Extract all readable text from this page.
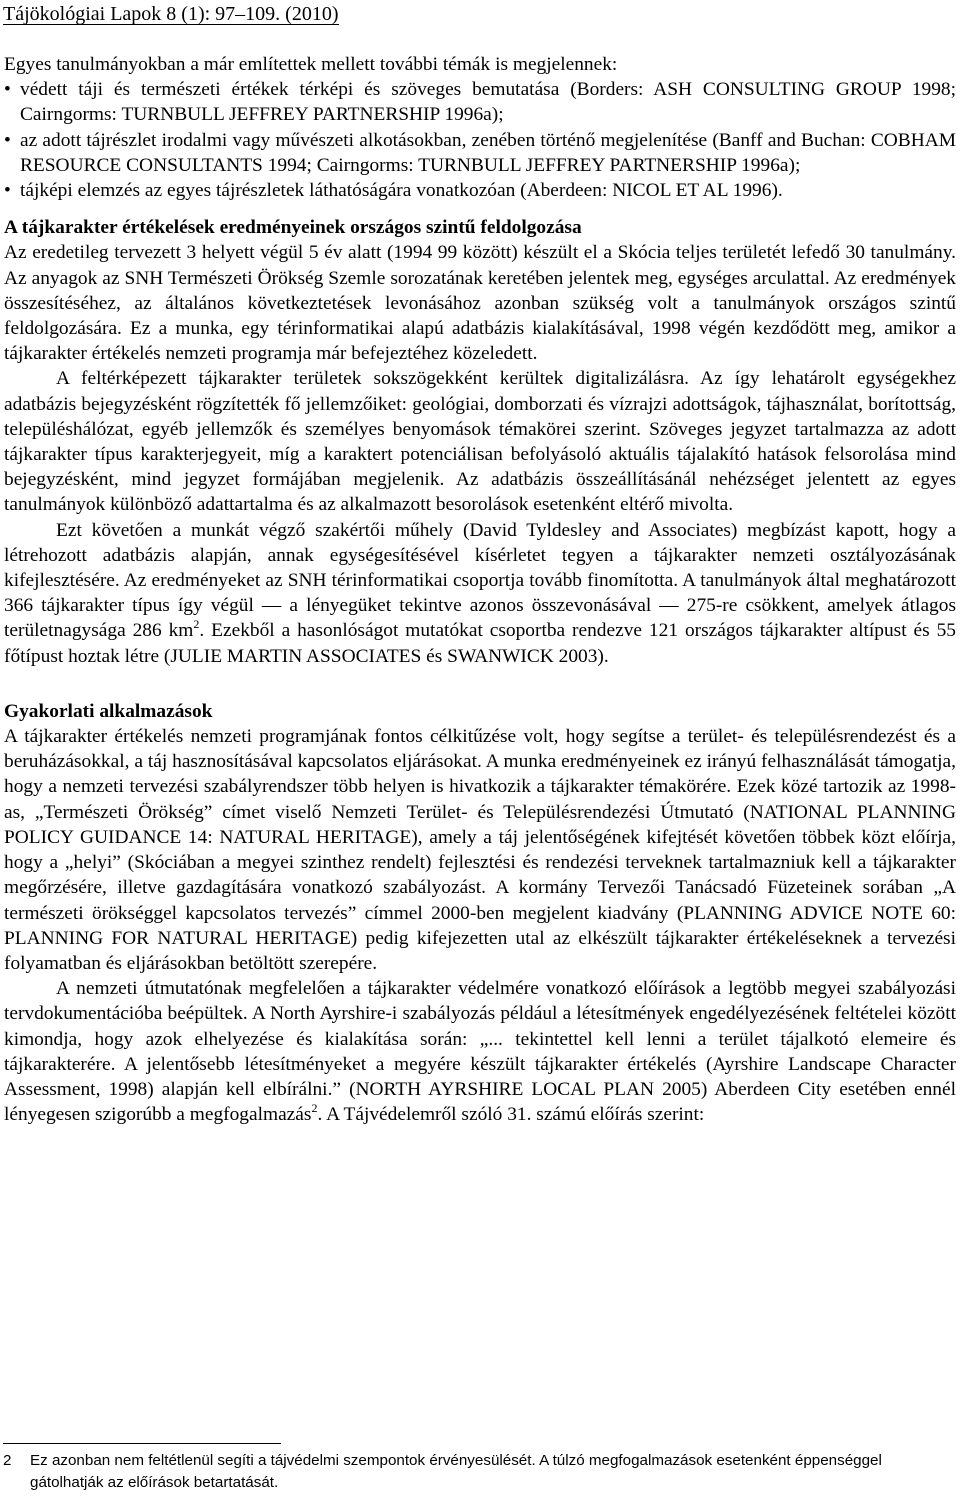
Tájökológiai Lapok 8 (1): 97–109. (2010)

Egyes tanulmányokban a már említettek mellett további témák is megjelennek:

• védett táji és természeti értékek térképi és szöveges bemutatása (Borders: ASH CONSULTING GROUP 1998; Cairngorms: TURNBULL JEFFREY PARTNERSHIP 1996a);
• az adott tájrészlet irodalmi vagy művészeti alkotásokban, zenében történő megjelenítése (Banff and Buchan: COBHAM RESOURCE CONSULTANTS 1994; Cairngorms: TURNBULL JEFFREY PARTNERSHIP 1996a);
• tájképi elemzés az egyes tájrészletek láthatóságára vonatkozóan (Aberdeen: NICOL ET AL 1996).
A tájkarakter értékelések eredményeinek országos szintű feldolgozása

Az eredetileg tervezett 3 helyett végül 5 év alatt (1994 99 között) készült el a Skócia teljes területét lefedő 30 tanulmány. Az anyagok az SNH Természeti Örökség Szemle sorozatának keretében jelentek meg, egységes arculattal. Az eredmények összesítéséhez, az általános következtetések levonásához azonban szükség volt a tanulmányok országos szintű feldolgozására. Ez a munka, egy térinformatikai alapú adatbázis kialakításával, 1998 végén kezdődött meg, amikor a tájkarakter értékelés nemzeti programja már befejeztéhez közeledett.

A feltérképezett tájkarakter területek sokszögekként kerültek digitalizálásra. Az így lehatárolt egységekhez adatbázis bejegyzésként rögzítették fő jellemzőiket: geológiai, domborzati és vízrajzi adottságok, tájhasználat, borítottság, településhálózat, egyéb jellemzők és személyes benyomások témakörei szerint. Szöveges jegyzet tartalmazza az adott tájkarakter típus karakterjegyeit, míg a karaktert potenciálisan befolyásoló aktuális tájalakító hatások felsorolása mind bejegyzésként, mind jegyzet formájában megjelenik. Az adatbázis összeállításánál nehézséget jelentett az egyes tanulmányok különböző adattartalma és az alkalmazott besorolások esetenként eltérő mivolta.

Ezt követően a munkát végző szakértői műhely (David Tyldesley and Associates) megbízást kapott, hogy a létrehozott adatbázis alapján, annak egységesítésével kísérletet tegyen a tájkarakter nemzeti osztályozásának kifejlesztésére. Az eredményeket az SNH térinformatikai csoportja tovább finomította. A tanulmányok által meghatározott 366 tájkarakter típus így végül — a lényegüket tekintve azonos összevonásával — 275-re csökkent, amelyek átlagos területnagysága 286 $km^2$. Ezekből a hasonlóságot mutatókat csoportba rendezve 121 országos tájkarakter altípust és 55 főtípust hoztak létre (JULIE MARTIN ASSOCIATES és SWANWICK 2003).

Gyakorlati alkalmazások

A tájkarakter értékelés nemzeti programjának fontos célkitűzése volt, hogy segítse a terület- és településrendezést és a beruházásokkal, a táj hasznosításával kapcsolatos eljárásokat. A munka eredményeinek ez irányú felhasználását támogatja, hogy a nemzeti tervezési szabályrendszer több helyen is hivatkozik a tájkarakter témakörére. Ezek közé tartozik az 1998-as, „Természeti Örökség” címet viselő Nemzeti Terület- és Településrendezési Útmutató (NATIONAL PLANNING POLICY GUIDANCE 14: NATURAL HERITAGE), amely a táj jelentőségének kifejtését követően többek közt előírja, hogy a „helyi” (Skóciában a megyei szinthez rendelt) fejlesztési és rendezési terveknek tartalmazniuk kell a tájkarakter megőrzésére, illetve gazdagítására vonatkozó szabályozást. A kormány Tervezői Tanácsadó Füzeteinek sorában „A természeti örökséggel kapcsolatos tervezés” címmel 2000-ben megjelent kiadvány (PLANNING ADVICE NOTE 60: PLANNING FOR NATURAL HERITAGE) pedig kifejezetten utal az elkészült tájkarakter értékeléseknek a tervezési folyamatban és eljárásokban betöltött szerepére.

A nemzeti útmutatónak megfelelően a tájkarakter védelmére vonatkozó előírások a legtöbb megyei szabályozási tervdokumentációba beépültek. A North Ayrshire-i szabályozás például a létesítmények engedélyezésének feltételei között kimondja, hogy azok elhelyezése és kialakítása során: „... tekintettel kell lenni a terület tájalkotó elemeire és tájkarakterére. A jelentősebb létesítményeket a megyére készült tájkarakter értékelés (Ayrshire Landscape Character Assessment, 1998) alapján kell elbírálni.” (NORTH AYRSHIRE LOCAL PLAN 2005) Aberdeen City esetében ennél lényegesen szigorúbb a megfogalmazás$^2$. A Tájvédelemről szóló 31. számú előírás szerint:

2 Ez azonban nem feltétlenül segíti a tájvédelmi szempontok érvényesülését. A túlzó megfogalmazások esetenként éppenséggel gátolhatják az előírások betartatását.
